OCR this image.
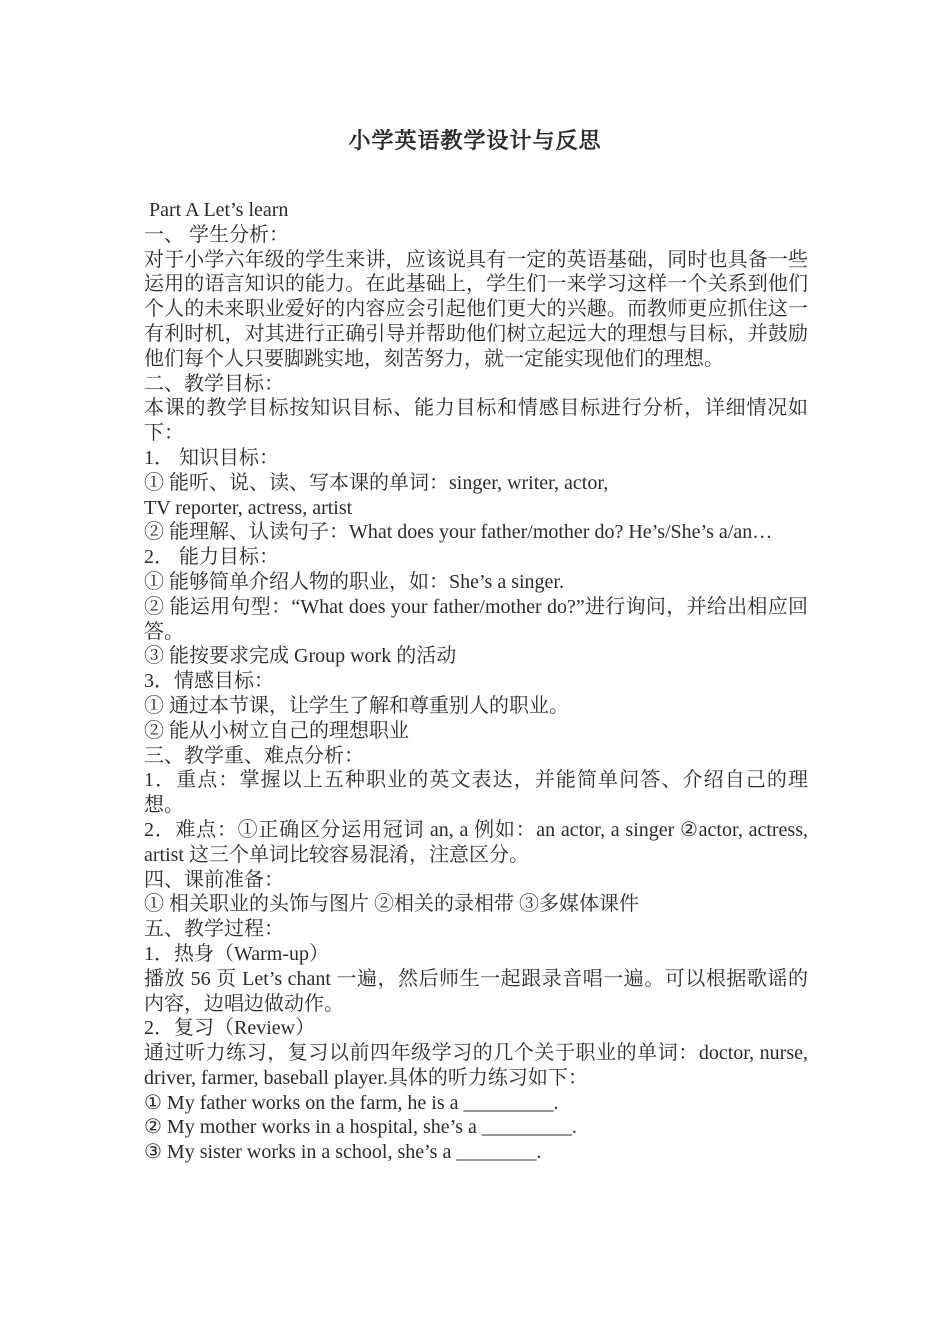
小学英语教学设计与反思

Part A Let’s learn

一、 学生分析：

对于小学六年级的学生来讲，应该说具有一定的英语基础，同时也具备一些运用的语言知识的能力。在此基础上，学生们一来学习这样一个关系到他们个人的未来职业爱好的内容应会引起他们更大的兴趣。而教师更应抓住这一有利时机，对其进行正确引导并帮助他们树立起远大的理想与目标，并鼓励他们每个人只要脚跳实地，刻苦努力，就一定能实现他们的理想。

二、教学目标：

本课的教学目标按知识目标、能力目标和情感目标进行分析，详细情况如下：

1． 知识目标：

① 能听、说、读、写本课的单词：singer, writer, actor,

TV reporter, actress, artist

② 能理解、认读句子：What does your father/mother do? He’s/She’s a/an…

2． 能力目标：

① 能够简单介绍人物的职业，如：She’s a singer.

② 能运用句型：“What does your father/mother do?”进行询问，并给出相应回答。

③ 能按要求完成 Group work 的活动

3．情感目标：

① 通过本节课，让学生了解和尊重别人的职业。

② 能从小树立自己的理想职业

三、教学重、难点分析：

1．重点：掌握以上五种职业的英文表达，并能简单问答、介绍自己的理想。

2．难点：①正确区分运用冠词 an, a 例如：an actor, a singer ②actor, actress, artist 这三个单词比较容易混淆，注意区分。

四、课前准备：

① 相关职业的头饰与图片 ②相关的录相带 ③多媒体课件

五、教学过程：

1．热身（Warm-up）

播放 56 页 Let’s chant 一遍，然后师生一起跟录音唱一遍。可以根据歌谣的内容，边唱边做动作。

2．复习（Review）

通过听力练习，复习以前四年级学习的几个关于职业的单词：doctor, nurse, driver, farmer, baseball player.具体的听力练习如下：

① My father works on the farm, he is a _________.

② My mother works in a hospital, she’s a _________.

③ My sister works in a school, she’s a ________.
